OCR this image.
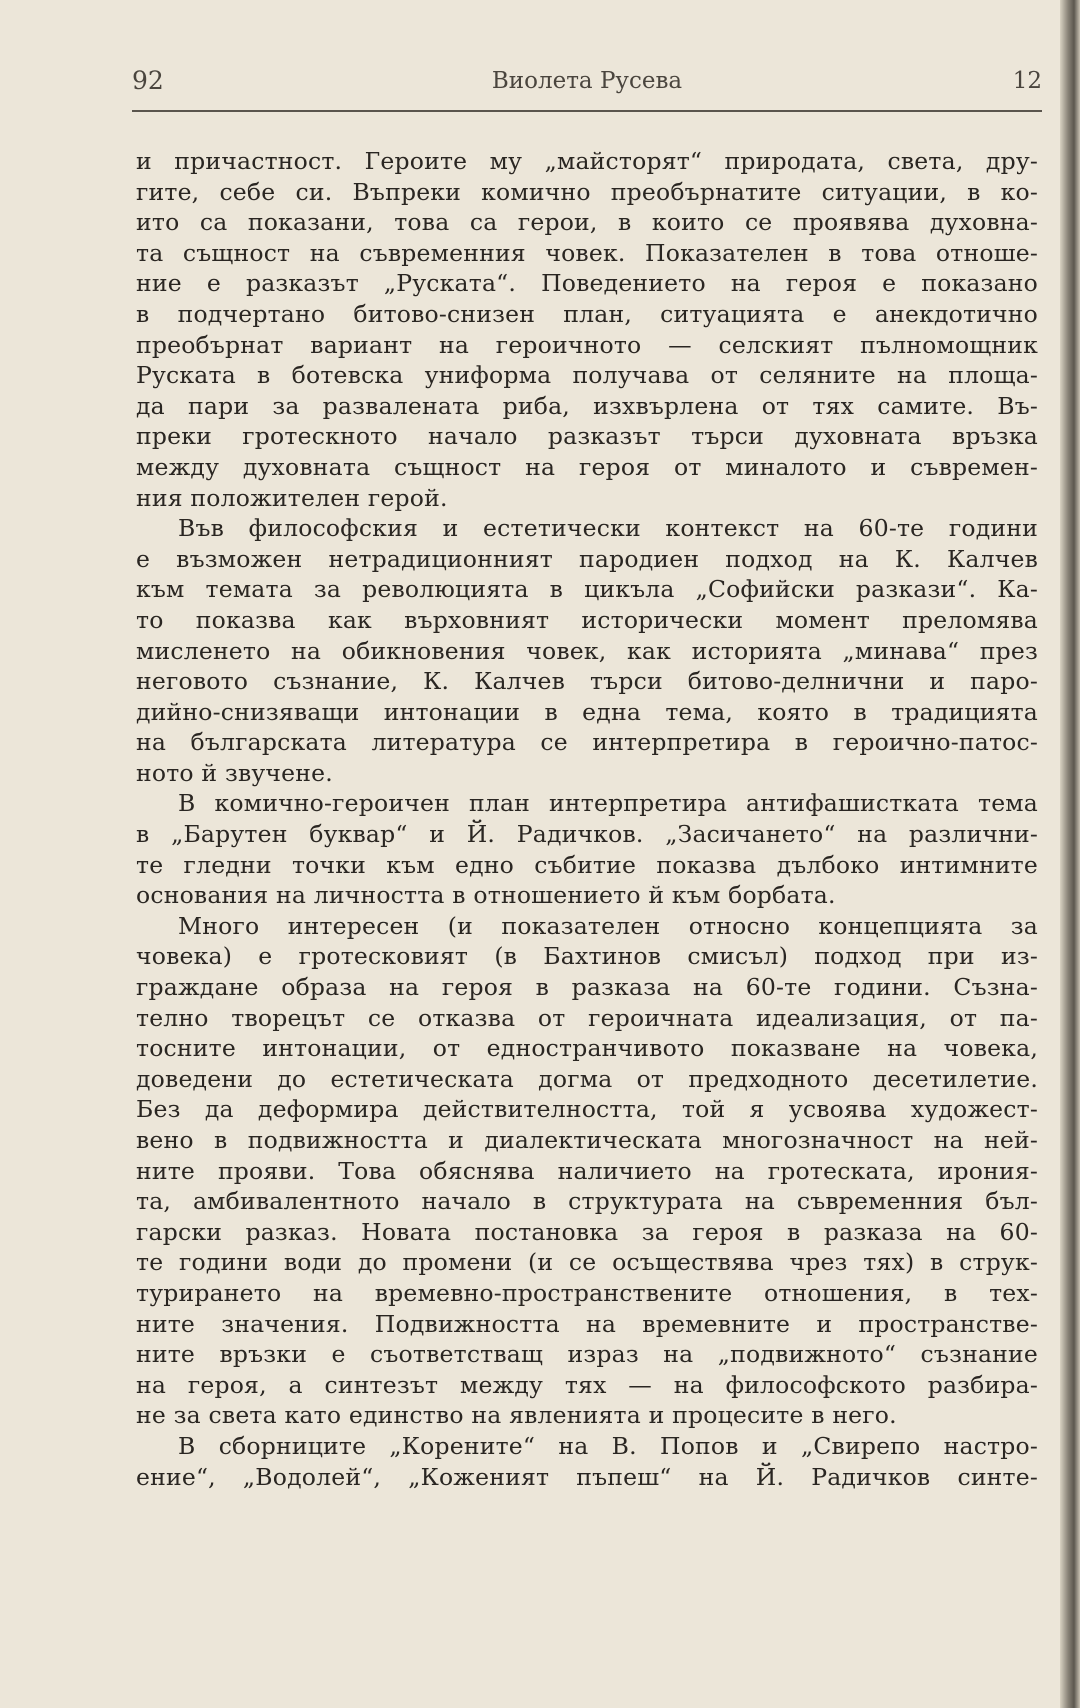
92	Виолета Русева	12
и причастност. Героите му „майсторят“ природата, света, дру-
гите, себе си. Въпреки комично преобърнатите ситуации, в ко-
ито са показани, това са герои, в които се проявява духовна-
та същност на съвременния човек. Показателен в това отноше-
ние е разказът „Руската“. Поведението на героя е показано
в подчертано битово-снизен план, ситуацията е анекдотично
преобърнат вариант на героичното — селският пълномощник
Руската в ботевска униформа получава от селяните на площа-
да пари за развалената риба, изхвърлена от тях самите. Въ-
преки гротескното начало разказът търси духовната връзка
между духовната същност на героя от миналото и съвремен-
ния положителен герой.
Във философския и естетически контекст на 60-те години
е възможен нетрадиционният пародиен подход на К. Калчев
към темата за революцията в цикъла „Софийски разкази“. Ка-
то показва как върховният исторически момент преломява
мисленето на обикновения човек, как историята „минава“ през
неговото съзнание, К. Калчев търси битово-делнични и паро-
дийно-снизяващи интонации в една тема, която в традицията
на българската литература се интерпретира в героично-патос-
ното й звучене.
В комично-героичен план интерпретира антифашистката тема
в „Барутен буквар“ и Й. Радичков. „Засичането“ на различни-
те гледни точки към едно събитие показва дълбоко интимните
основания на личността в отношението й към борбата.
Много интересен (и показателен относно концепцията за
човека) е гротесковият (в Бахтинов смисъл) подход при из-
граждане образа на героя в разказа на 60-те години. Съзна-
телно творецът се отказва от героичната идеализация, от па-
тосните интонации, от едностранчивото показване на човека,
доведени до естетическата догма от предходното десетилетие.
Без да деформира действителността, той я усвоява художест-
вено в подвижността и диалектическата многозначност на ней-
ните прояви. Това обяснява наличието на гротеската, ирония-
та, амбивалентното начало в структурата на съвременния бъл-
гарски разказ. Новата постановка за героя в разказа на 60-
те години води до промени (и се осъществява чрез тях) в струк-
турирането на времевно-пространствените отношения, в тех-
ните значения. Подвижността на времевните и пространстве-
ните връзки е съответстващ израз на „подвижното“ съзнание
на героя, а синтезът между тях — на философското разбира-
не за света като единство на явленията и процесите в него.
В сборниците „Корените“ на В. Попов и „Свирепо настро-
ение“, „Водолей“, „Коженият пъпеш“ на Й. Радичков синте-
